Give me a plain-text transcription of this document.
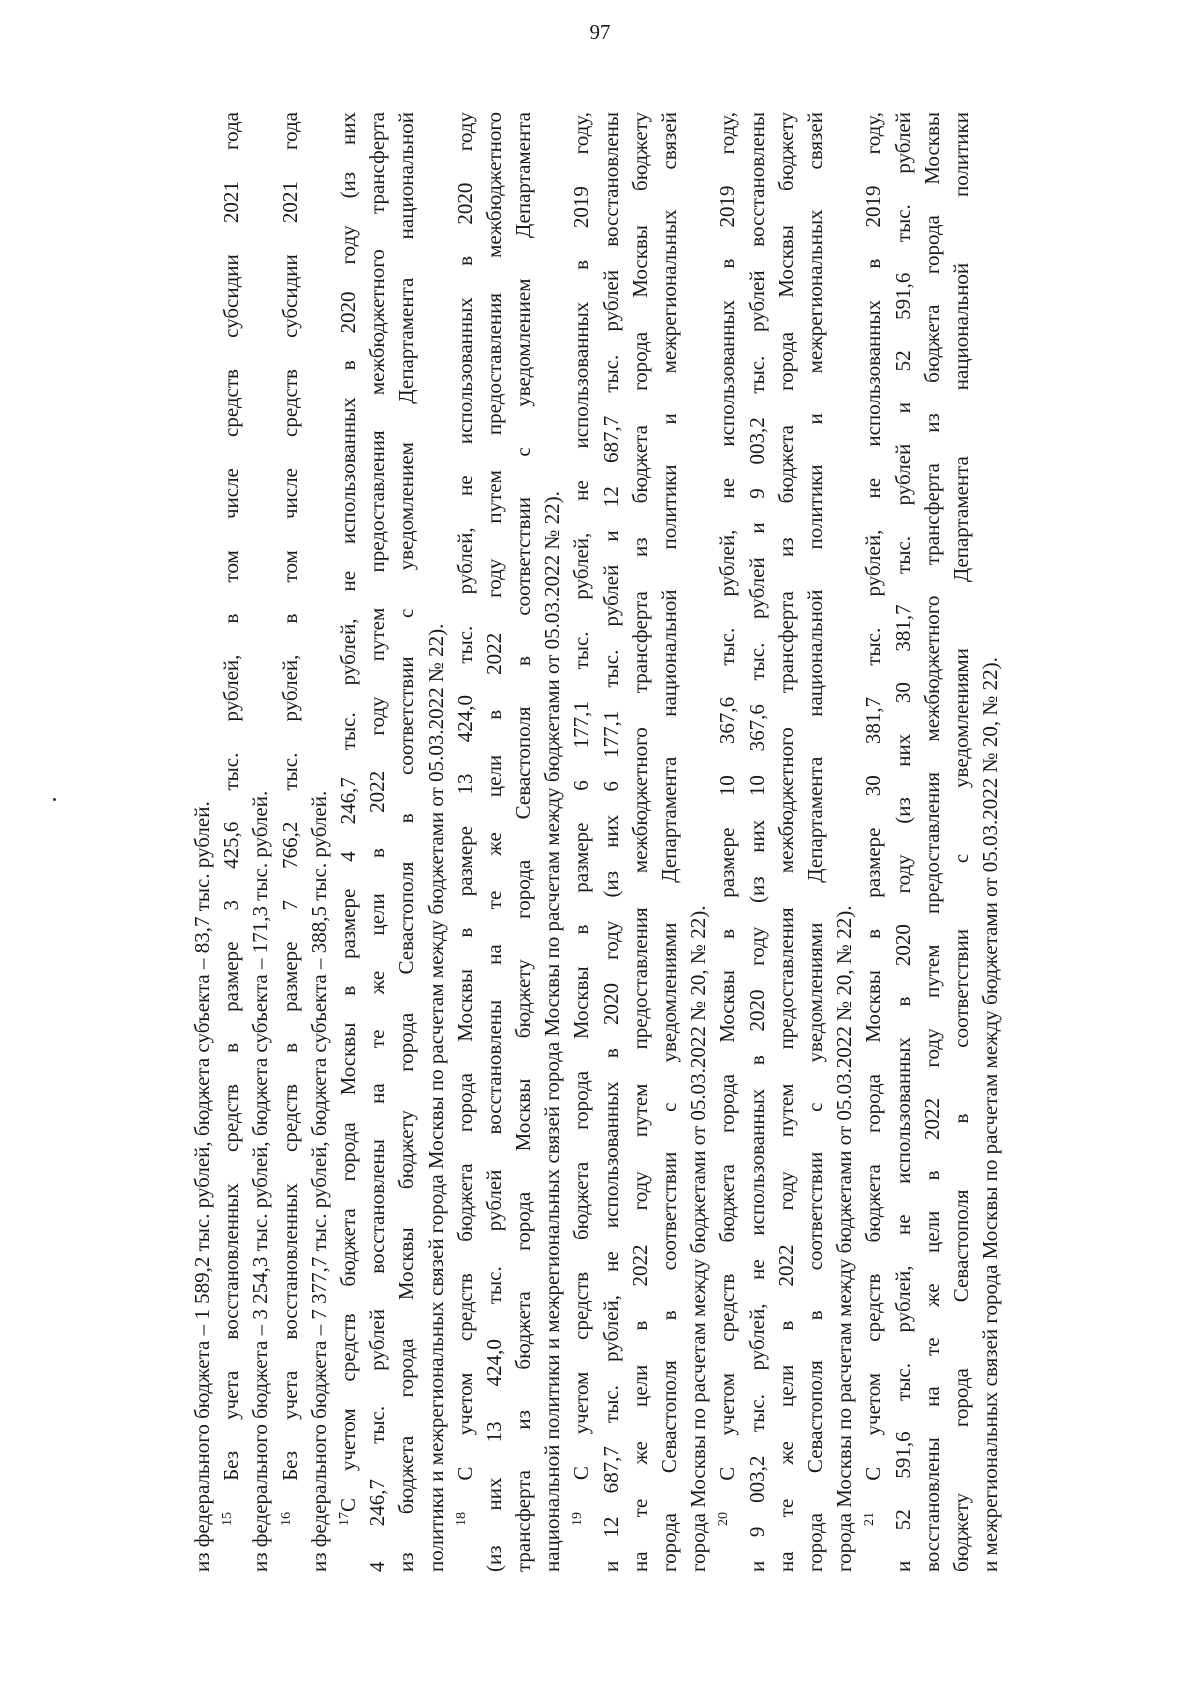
97
из федерального бюджета – 1 589,2 тыс. рублей, бюджета субъекта – 83,7 тыс. рублей. $^{15}$ Без учета восстановленных средств в размере 3 425,6 тыс. рублей, в том числе средств субсидии 2021 года из федерального бюджета – 3 254,3 тыс. рублей, бюджета субъекта – 171,3 тыс. рублей. $^{16}$ Без учета восстановленных средств в размере 7 766,2 тыс. рублей, в том числе средств субсидии 2021 года из федерального бюджета – 7 377,7 тыс. рублей, бюджета субъекта – 388,5 тыс. рублей. $^{17}$С учетом средств бюджета города Москвы в размере 4 246,7 тыс. рублей, не использованных в 2020 году (из них 4 246,7 тыс. рублей восстановлены на те же цели в 2022 году путем предоставления межбюджетного трансферта из бюджета города Москвы бюджету города Севастополя в соответствии с уведомлением Департамента национальной политики и межрегиональных связей города Москвы по расчетам между бюджетами от 05.03.2022 № 22). $^{18}$ С учетом средств бюджета города Москвы в размере 13 424,0 тыс. рублей, не использованных в 2020 году (из них 13 424,0 тыс. рублей восстановлены на те же цели в 2022 году путем предоставления межбюджетного трансферта из бюджета города Москвы бюджету города Севастополя в соответствии с уведомлением Департамента национальной политики и межрегиональных связей города Москвы по расчетам между бюджетами от 05.03.2022 № 22). $^{19}$ С учетом средств бюджета города Москвы в размере 6 177,1 тыс. рублей, не использованных в 2019 году, и 12 687,7 тыс. рублей, не использованных в 2020 году (из них 6 177,1 тыс. рублей и 12 687,7 тыс. рублей восстановлены на те же цели в 2022 году путем предоставления межбюджетного трансферта из бюджета города Москвы бюджету города Севастополя в соответствии с уведомлениями Департамента национальной политики и межрегиональных связей города Москвы по расчетам между бюджетами от 05.03.2022 № 20, № 22). $^{20}$ С учетом средств бюджета города Москвы в размере 10 367,6 тыс. рублей, не использованных в 2019 году, и 9 003,2 тыс. рублей, не использованных в 2020 году (из них 10 367,6 тыс. рублей и 9 003,2 тыс. рублей восстановлены на те же цели в 2022 году путем предоставления межбюджетного трансферта из бюджета города Москвы бюджету города Севастополя в соответствии с уведомлениями Департамента национальной политики и межрегиональных связей города Москвы по расчетам между бюджетами от 05.03.2022 № 20, № 22). $^{21}$ С учетом средств бюджета города Москвы в размере 30 381,7 тыс. рублей, не использованных в 2019 году, и 52 591,6 тыс. рублей, не использованных в 2020 году (из них 30 381,7 тыс. рублей и 52 591,6 тыс. рублей восстановлены на те же цели в 2022 году путем предоставления межбюджетного трансферта из бюджета города Москвы бюджету города Севастополя в соответствии с уведомлениями Департамента национальной политики и межрегиональных связей города Москвы по расчетам между бюджетами от 05.03.2022 № 20, № 22).
